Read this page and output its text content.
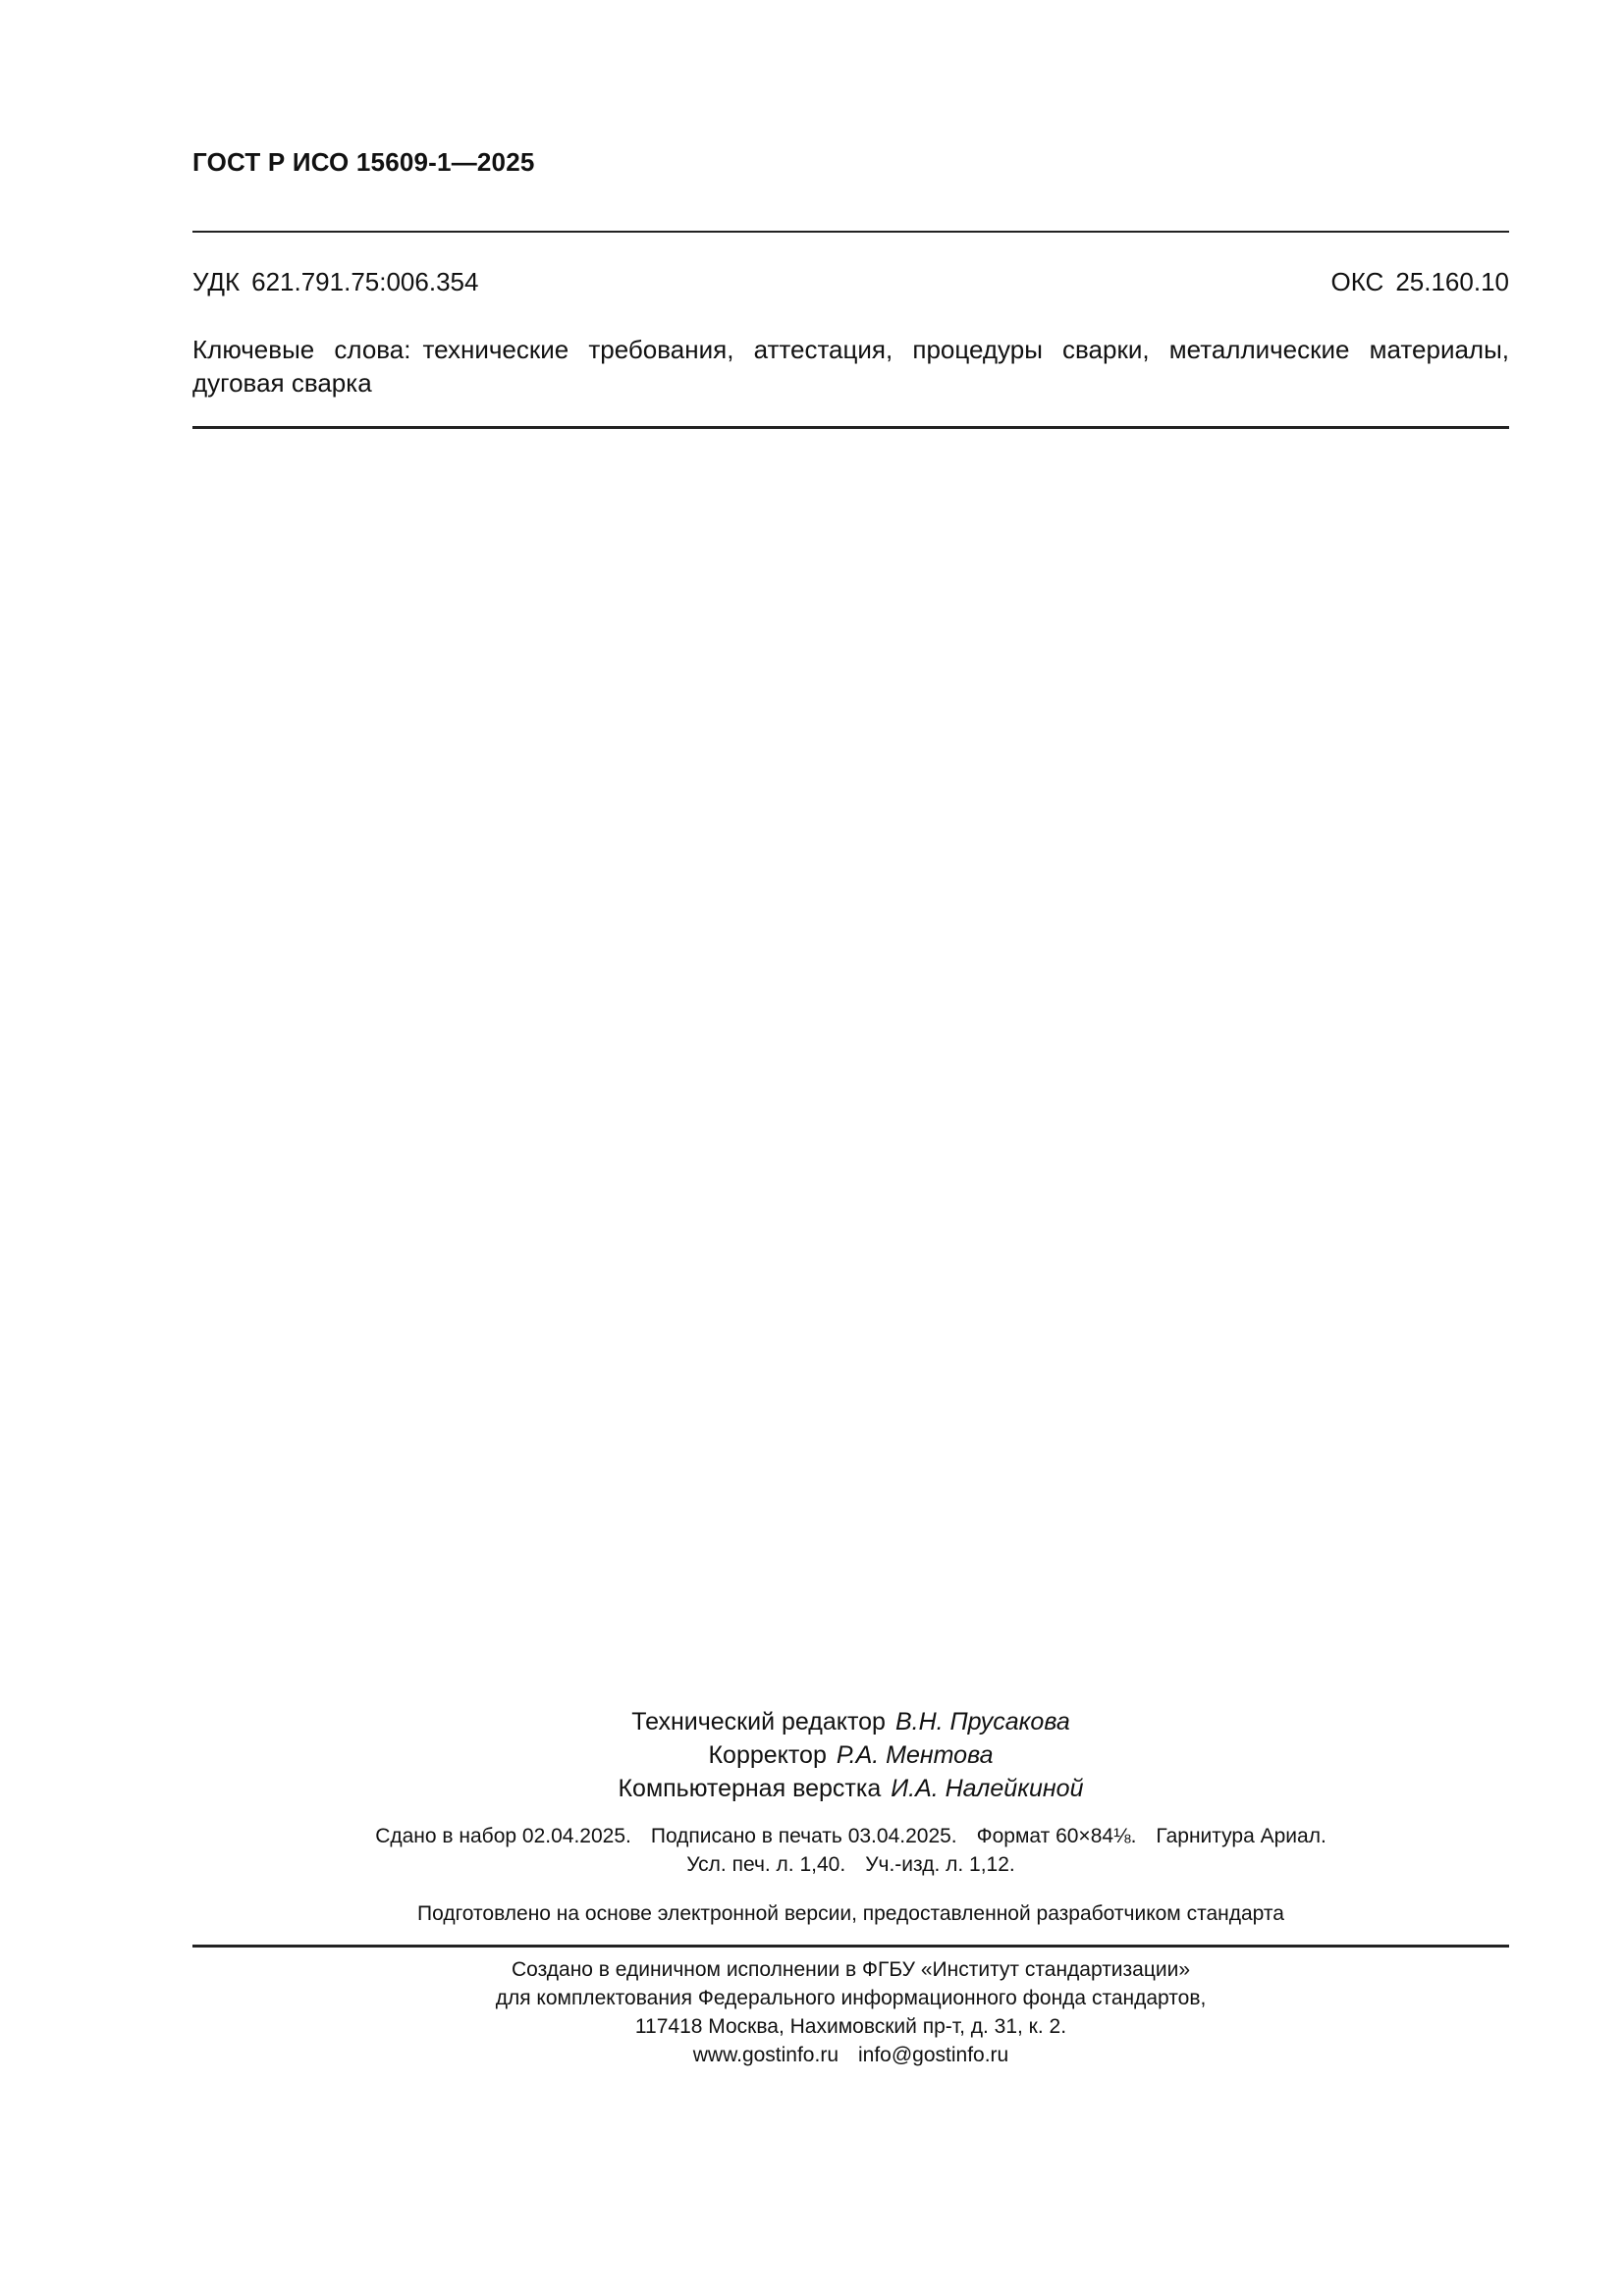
ГОСТ Р ИСО 15609-1—2025
УДК 621.791.75:006.354	ОКС 25.160.10
Ключевые слова: технические требования, аттестация, процедуры сварки, металлические материалы, дуговая сварка
Технический редактор В.Н. Прусакова
Корректор Р.А. Ментова
Компьютерная верстка И.А. Налейкиной
Сдано в набор 02.04.2025. Подписано в печать 03.04.2025. Формат 60×84⅛. Гарнитура Ариал.
Усл. печ. л. 1,40. Уч.-изд. л. 1,12.
Подготовлено на основе электронной версии, предоставленной разработчиком стандарта
Создано в единичном исполнении в ФГБУ «Институт стандартизации»
для комплектования Федерального информационного фонда стандартов,
117418 Москва, Нахимовский пр-т, д. 31, к. 2.
www.gostinfo.ru info@gostinfo.ru
